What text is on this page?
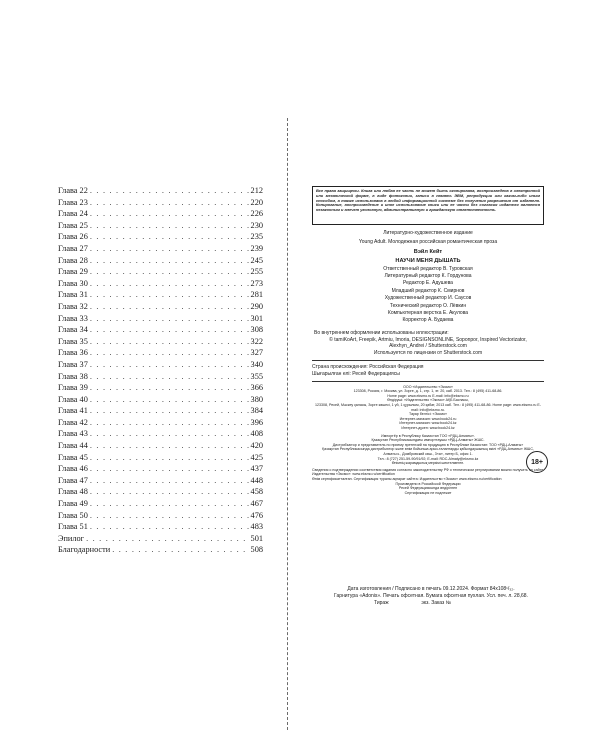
Глава 22 . . .	212
Глава 23 . . .	220
Глава 24 . . .	226
Глава 25 . . .	230
Глава 26 . . .	235
Глава 27 . . .	239
Глава 28 . . .	245
Глава 29 . . .	255
Глава 30 . . .	273
Глава 31 . . .	281
Глава 32 . . .	290
Глава 33 . . .	301
Глава 34 . . .	308
Глава 35 . . .	322
Глава 36 . . .	327
Глава 37 . . .	340
Глава 38 . . .	355
Глава 39 . . .	366
Глава 40 . . .	380
Глава 41 . . .	384
Глава 42 . . .	396
Глава 43 . . .	408
Глава 44 . . .	420
Глава 45 . . .	425
Глава 46 . . .	437
Глава 47 . . .	448
Глава 48 . . .	458
Глава 49 . . .	467
Глава 50 . . .	476
Глава 51 . . .	483
Эпилог . . .	501
Благодарности . . .	508
Все права защищены. Книга или любая ее часть не может быть скопирована, воспроизведена в электронной или механической форме, в виде фотокопии, записи в память ЭВМ, репродукции или каким-либо иным способом, а также использована в любой информационной системе без получения разрешения от издателя. Копирование, воспроизведение и иное использование книги или ее части без согласия издателя является незаконным и влечет уголовную, административную и гражданскую ответственность.
Литературно-художественное издание
Young Adult. Молодежная российская романтическая проза
Вэйл Кейт
НАУЧИ МЕНЯ ДЫШАТЬ
Ответственный редактор В. Туровская
Литературный редактор К. Гордунова
Редактор Е. Адушева
Младший редактор К. Смирнов
Художественный редактор И. Саусов
Технический редактор О. Лёвкин
Компьютерная верстка Е. Акулова
Корректор А. Будаева
Во внутреннем оформлении использованы иллюстрации:
© tamiKoArt, Freepik, Artmiu, Imoria, DESIGNSONLINE, Soponpor, Inspired Vectorizator, Alexhyn_Andrei / Shutterstock.com
Используется по лицензии от Shutterstock.com
Страна происхождения: Российская Федерация
Шығарылған елі: Ресей Федерациясы
ООО «Издательство «Эксмо»
123308, Россия, г. Москва, ул. Зорге, д. 1, стр. 1, эт. 20, каб. 2013. Тел.: 8 (495) 411-68-86.
Home page: www.eksmo.ru E-mail: info@eksmo.ru
Өндіруші: «Издательство «Эксмо» АҚБ Баспасы,
123308, Ресей, Мәскеу қаласы, Зорге көшесі, 1 үй, 1 құрылым, 20 қабат, 2013 каб. Тел.: 8 (495) 411-68-86. Home page: www.eksmo.ru E-mail: info@eksmo.ru.
Тауар белгісі: «Эксмо»
Интернет-магазин: www.book24.ru
Интернет-магазин: www.book24.kz
Интернет-дүкен: www.book24.kz
Импортёр в Республику Казахстан ТОО «РДЦ-Алматы».
Қазақстан Республикасындағы импорттаушы «РДЦ-Алматы» ЖШС.
Дистрибьютор и представитель по приему претензий на продукцию в Республике Казахстан: ТОО «РДЦ-Алматы»
Қазақстан Республикасында дистрибьютор және өнім бойынша арыз-талаптарды қабылдаушының өкілі «РДЦ-Алматы» ЖШС,
Алматы к., Домбровский көш., 3«а», литер Б, офис 1.
Тел.: 8 (727) 251-59-90/91/92; E-mail: RDC-Almaty@eksmo.kz
Өнімнің жарамдылық мерзімі шектелмеген.
Сведения о подтверждении соответствия издания согласно законодательству РФ о техническом регулировании можно получить на сайте Издательства «Эксмо»: www.eksmo.ru/certification
Өнім сертификатталған. Сертификация туралы ақпарат сайтта: Издательство «Эксмо» www.eksmo.ru/certification
Произведено в Российской Федерации
Ресей Федерациясында өндірілген
Сертификация не подлежит
18+
Дата изготовления / Подписано в печать 09.12.2024. Формат 84x108¹/₃₂.
Гарнитура «Adonis». Печать офсетная. Бумага офсетная пухлая. Усл. печ. л. 28,68.
Тираж	экз. Заказ №
